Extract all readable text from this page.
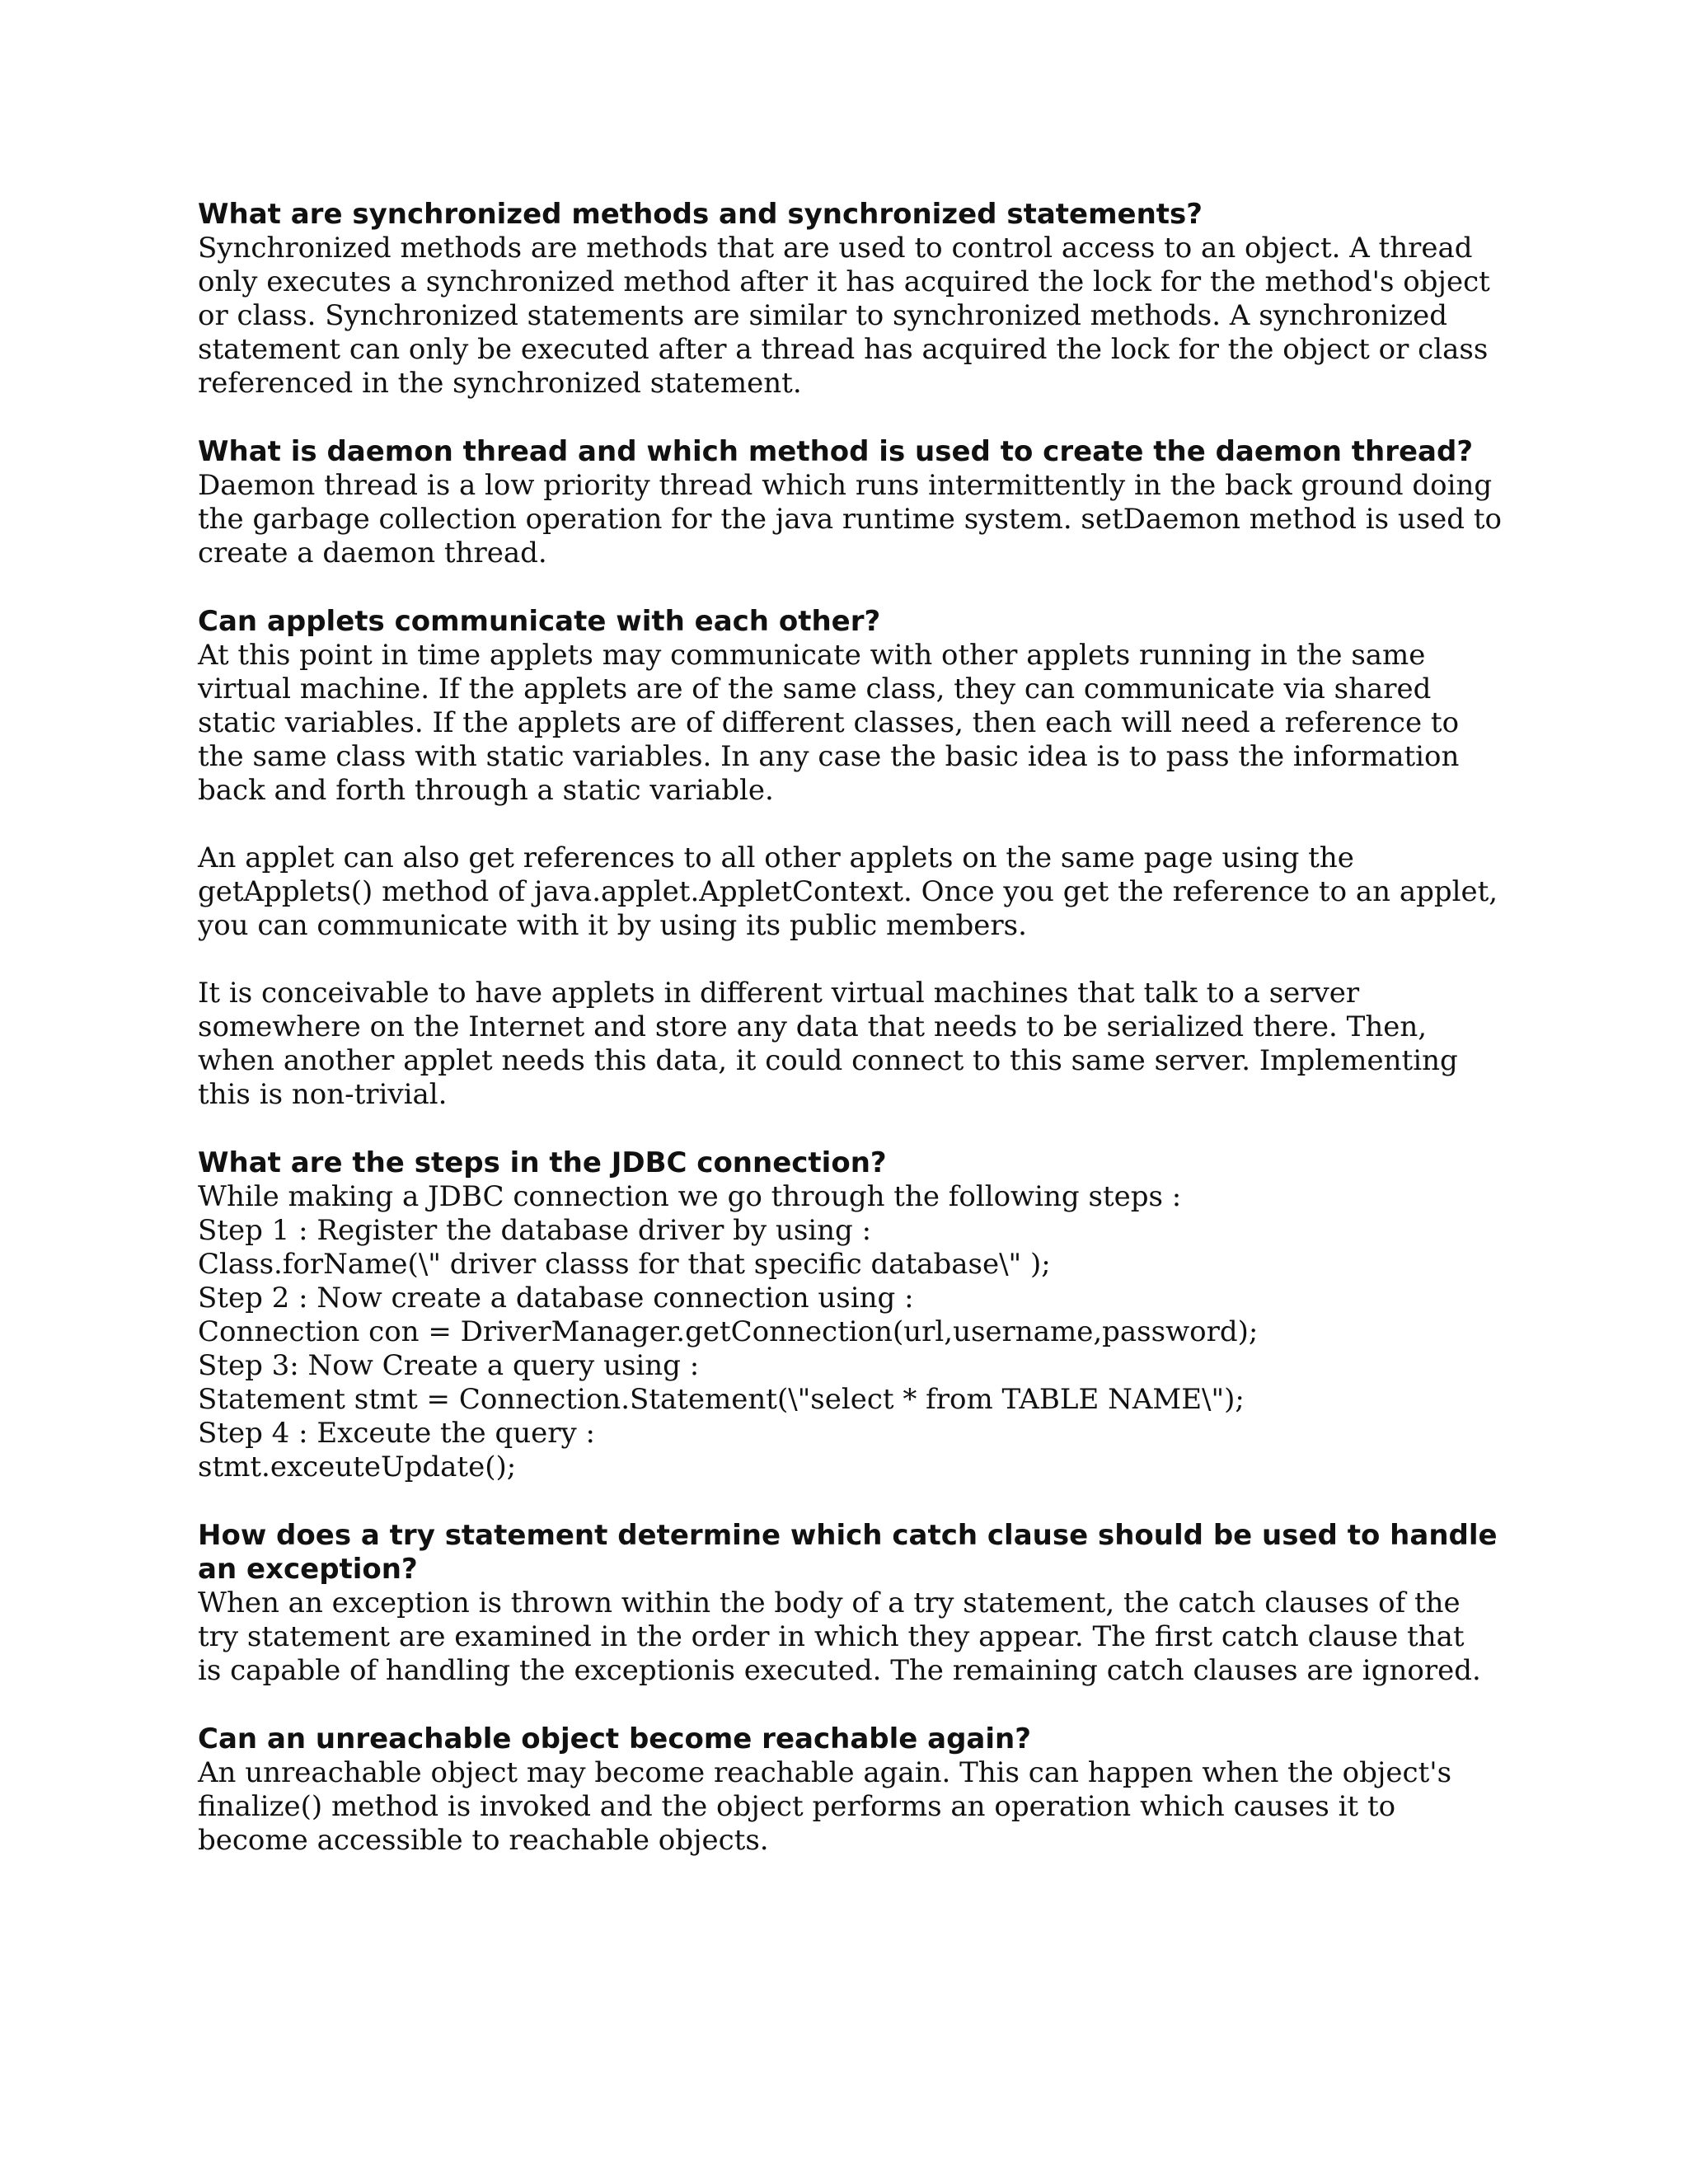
What are synchronized methods and synchronized statements?

Synchronized methods are methods that are used to control access to an object. A thread
only executes a synchronized method after it has acquired the lock for the method's object
or class. Synchronized statements are similar to synchronized methods. A synchronized
statement can only be executed after a thread has acquired the lock for the object or class
referenced in the synchronized statement.

What is daemon thread and which method is used to create the daemon thread?

Daemon thread is a low priority thread which runs intermittently in the back ground doing
the garbage collection operation for the java runtime system. setDaemon method is used to
create a daemon thread.

Can applets communicate with each other?

At this point in time applets may communicate with other applets running in the same
virtual machine. If the applets are of the same class, they can communicate via shared
static variables. If the applets are of different classes, then each will need a reference to
the same class with static variables. In any case the basic idea is to pass the information
back and forth through a static variable.

An applet can also get references to all other applets on the same page using the
getApplets() method of java.applet.AppletContext. Once you get the reference to an applet,
you can communicate with it by using its public members.

It is conceivable to have applets in different virtual machines that talk to a server
somewhere on the Internet and store any data that needs to be serialized there. Then,
when another applet needs this data, it could connect to this same server. Implementing
this is non-trivial.

What are the steps in the JDBC connection?

While making a JDBC connection we go through the following steps :
Step 1 : Register the database driver by using :
Class.forName(\" driver classs for that specific database\" );
Step 2 : Now create a database connection using :
Connection con = DriverManager.getConnection(url,username,password);
Step 3: Now Create a query using :
Statement stmt = Connection.Statement(\"select * from TABLE NAME\");
Step 4 : Exceute the query :
stmt.exceuteUpdate();

How does a try statement determine which catch clause should be used to handle
an exception?

When an exception is thrown within the body of a try statement, the catch clauses of the
try statement are examined in the order in which they appear. The first catch clause that
is capable of handling the exceptionis executed. The remaining catch clauses are ignored.

Can an unreachable object become reachable again?

An unreachable object may become reachable again. This can happen when the object's
finalize() method is invoked and the object performs an operation which causes it to
become accessible to reachable objects.
